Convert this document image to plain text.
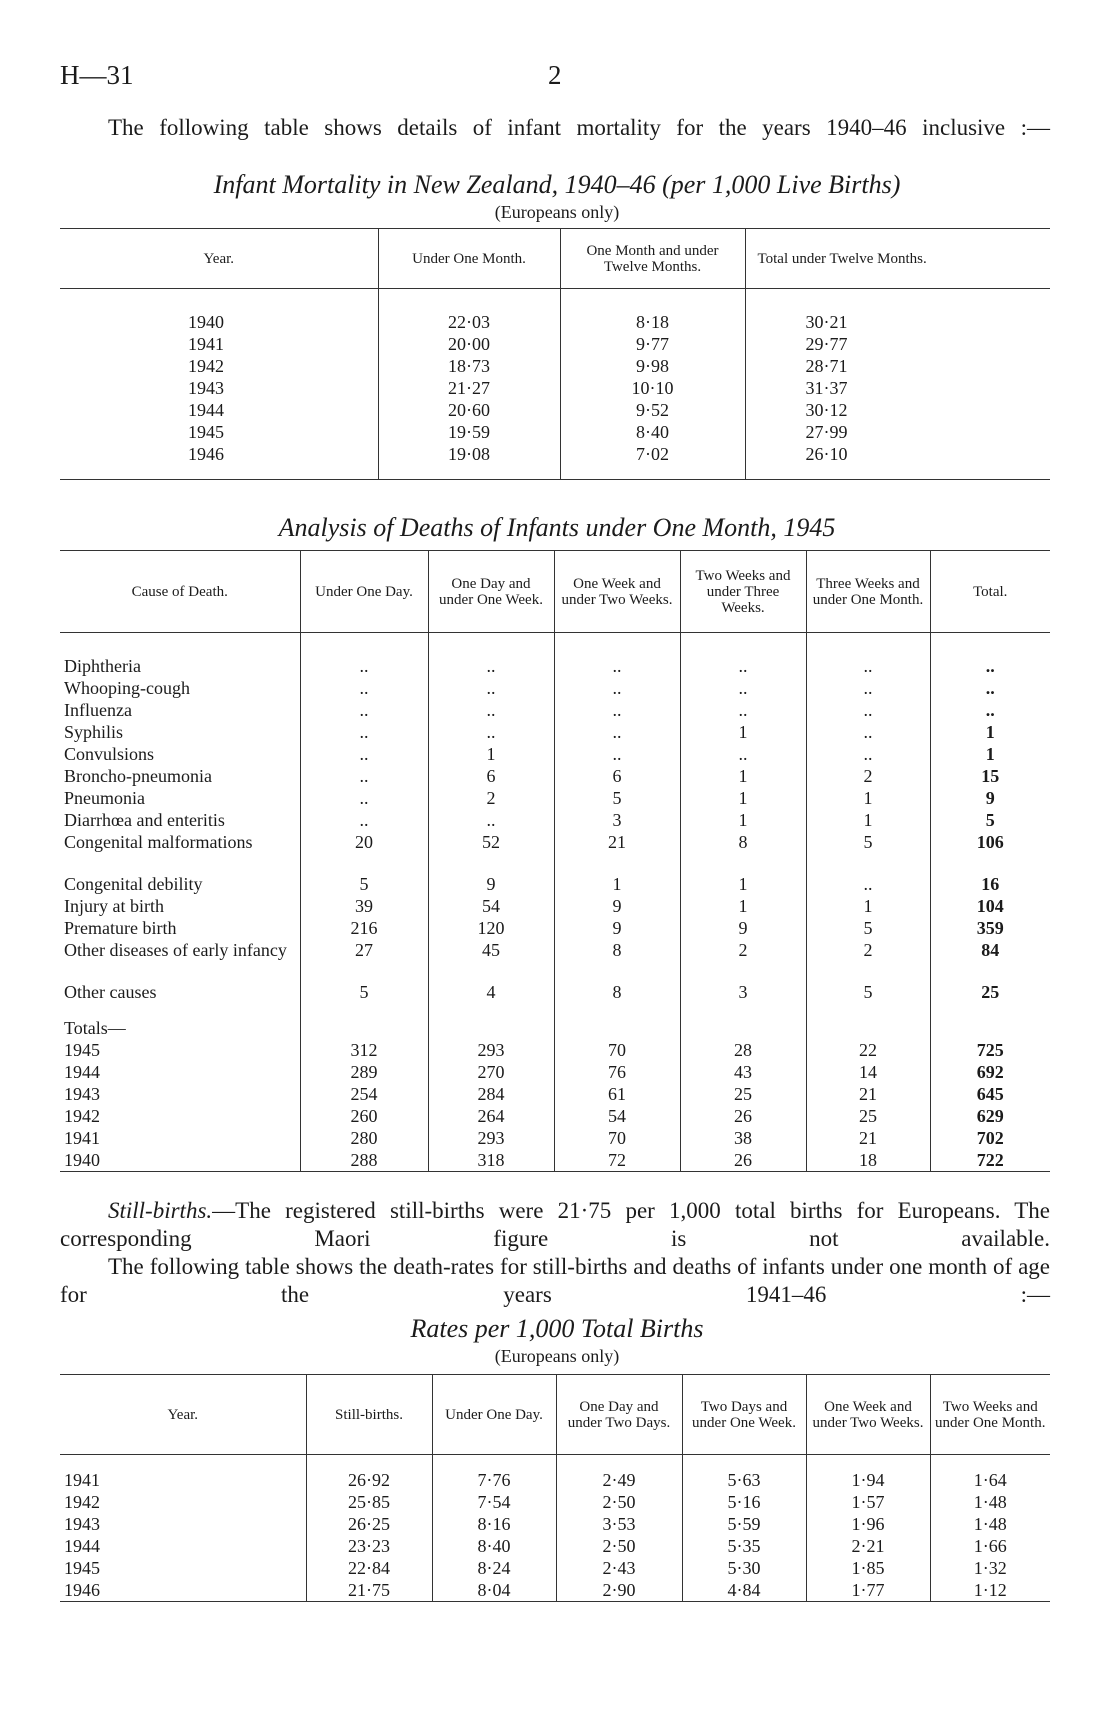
H—31	2
The following table shows details of infant mortality for the years 1940–46 inclusive :—
Infant Mortality in New Zealand, 1940–46 (per 1,000 Live Births)
(Europeans only)
Year.	Under One Month.	One Month and under Twelve Months.	Total under Twelve Months.

1940	22·03	8·18	30·21
1941	20·00	9·77	29·77
1942	18·73	9·98	28·71
1943	21·27	10·10	31·37
1944	20·60	9·52	30·12
1945	19·59	8·40	27·99
1946	19·08	7·02	26·10

Analysis of Deaths of Infants under One Month, 1945
Cause of Death.	Under One Day.	One Day and under One Week.	One Week and under Two Weeks.	Two Weeks and under Three Weeks.	Three Weeks and under One Month.	Total.

Diphtheria	..	..	..	..	..	..
Whooping-cough	..	..	..	..	..	..
Influenza	..	..	..	..	..	..
Syphilis	..	..	..	1	..	1
Convulsions	..	1	..	..	..	1
Broncho-pneumonia	..	6	6	1	2	15
Pneumonia	..	2	5	1	1	9
Diarrhœa and enteritis	..	..	3	1	1	5
Congenital malformations	20	52	21	8	5	106
Congenital debility	5	9	1	1	..	16
Injury at birth	39	54	9	1	1	104
Premature birth	216	120	9	9	5	359
Other diseases of early infancy	27	45	8	2	2	84
Other causes	5	4	8	3	5	25

Totals—						
1945	312	293	70	28	22	725
1944	289	270	76	43	14	692
1943	254	284	61	25	21	645
1942	260	264	54	26	25	629
1941	280	293	70	38	21	702
1940	288	318	72	26	18	722
Still-births.—The registered still-births were 21·75 per 1,000 total births for Europeans. The corresponding Maori figure is not available.
The following table shows the death-rates for still-births and deaths of infants under one month of age for the years 1941–46 :—
Rates per 1,000 Total Births
(Europeans only)
Year.	Still-births.	Under One Day.	One Day and under Two Days.	Two Days and under One Week.	One Week and under Two Weeks.	Two Weeks and under One Month.

1941	26·92	7·76	2·49	5·63	1·94	1·64
1942	25·85	7·54	2·50	5·16	1·57	1·48
1943	26·25	8·16	3·53	5·59	1·96	1·48
1944	23·23	8·40	2·50	5·35	2·21	1·66
1945	22·84	8·24	2·43	5·30	1·85	1·32
1946	21·75	8·04	2·90	4·84	1·77	1·12
